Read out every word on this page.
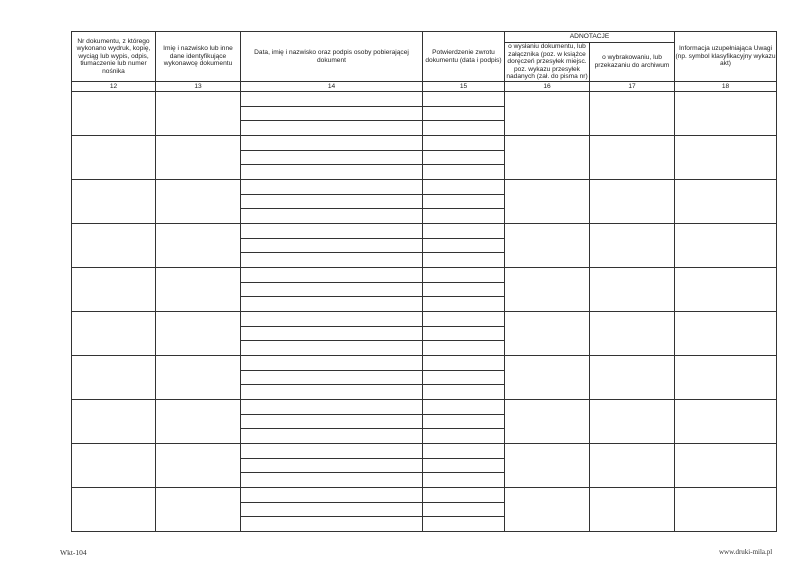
Nr dokumentu, z którego wykonano wydruk, kopię, wyciąg lub wypis, odpis, tłumaczenie lub numer nośnika	Imię i nazwisko lub inne dane identyfikujące wykonawcę dokumentu	Data, imię i nazwisko oraz podpis osoby pobierającej dokument	Potwierdzenie zwrotu dokumentu (data i podpis)	ADNOTACJE		Informacja uzupełniająca Uwagi (np. symbol klasyfikacyjny wykazu akt)
				o wysłaniu dokumentu, lub załącznika (poz. w książce doręczeń przesyłek miejsc. poz. wykazu przesyłek nadanych (zał. do pisma nr)	o wybrakowaniu, lub przekazaniu do archiwum	
12	13	14	15	16	17	18

Wkt-104	www.druki-mila.pl
